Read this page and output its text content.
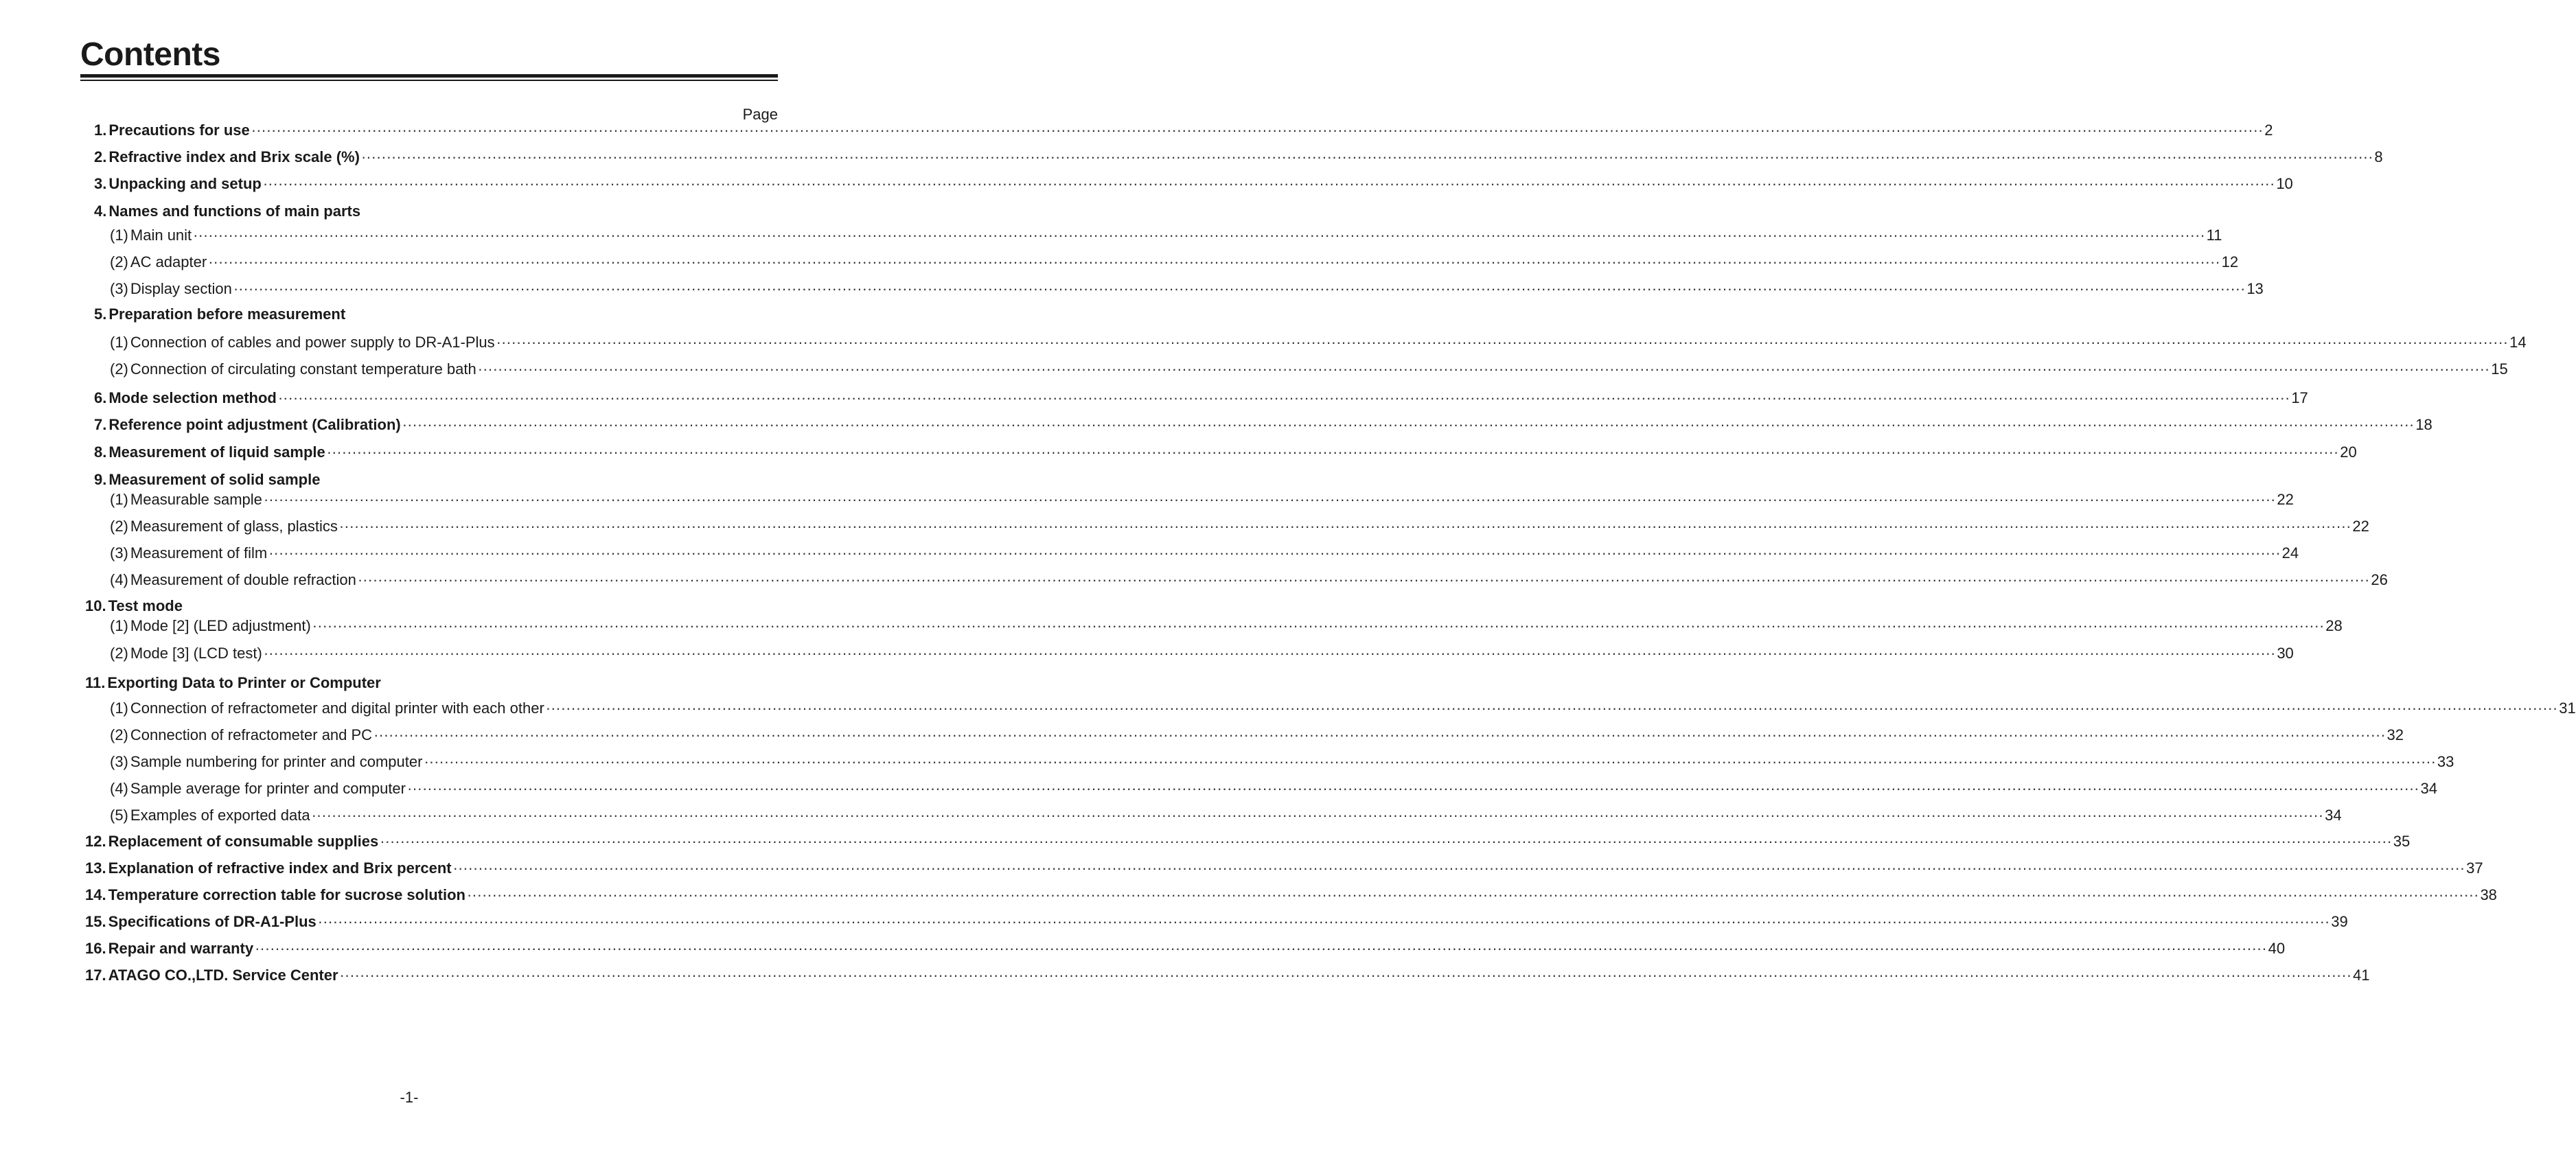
Contents
Page
1. Precautions for use ················································································································································································································································································································································································································ 2
2. Refractive index and Brix scale (%) ················································································································································································································································································································································································································ 8
3. Unpacking and setup ················································································································································································································································································································································································································ 10
4. Names and functions of main parts
(1) Main unit ················································································································································································································································································································································································································ 11
(2) AC adapter ················································································································································································································································································································································································································ 12
(3) Display section ················································································································································································································································································································································································································ 13
5. Preparation before measurement
(1) Connection of cables and power supply to DR-A1-Plus ················································································································································································································································································································································································································ 14
(2) Connection of circulating constant temperature bath ················································································································································································································································································································································································································ 15
6. Mode selection method ················································································································································································································································································································································································································ 17
7. Reference point adjustment (Calibration) ················································································································································································································································································································································································································ 18
8. Measurement of liquid sample ················································································································································································································································································································································································································ 20
9. Measurement of solid sample
(1) Measurable sample ················································································································································································································································································································································································································ 22
(2) Measurement of glass, plastics ················································································································································································································································································································································································································ 22
(3) Measurement of film ················································································································································································································································································································································································································ 24
(4) Measurement of double refraction ················································································································································································································································································································································································································ 26
10. Test mode
(1) Mode [2] (LED adjustment) ················································································································································································································································································································································································································ 28
(2) Mode [3] (LCD test) ················································································································································································································································································································································································································ 30
11. Exporting Data to Printer or Computer
(1) Connection of refractometer and digital printer with each other ················································································································································································································································································································································································································ 31
(2) Connection of refractometer and PC ················································································································································································································································································································································································································ 32
(3) Sample numbering for printer and computer ················································································································································································································································································································································································································ 33
(4) Sample average for printer and computer ················································································································································································································································································································································································································ 34
(5) Examples of exported data ················································································································································································································································································································································································································ 34
12. Replacement of consumable supplies ················································································································································································································································································································································································································ 35
13. Explanation of refractive index and Brix percent ················································································································································································································································································································································································································ 37
14. Temperature correction table for sucrose solution ················································································································································································································································································································································································································ 38
15. Specifications of DR-A1-Plus ················································································································································································································································································································································································································ 39
16. Repair and warranty ················································································································································································································································································································································································································ 40
17. ATAGO CO.,LTD. Service Center ················································································································································································································································································································································································································ 41
-1-
